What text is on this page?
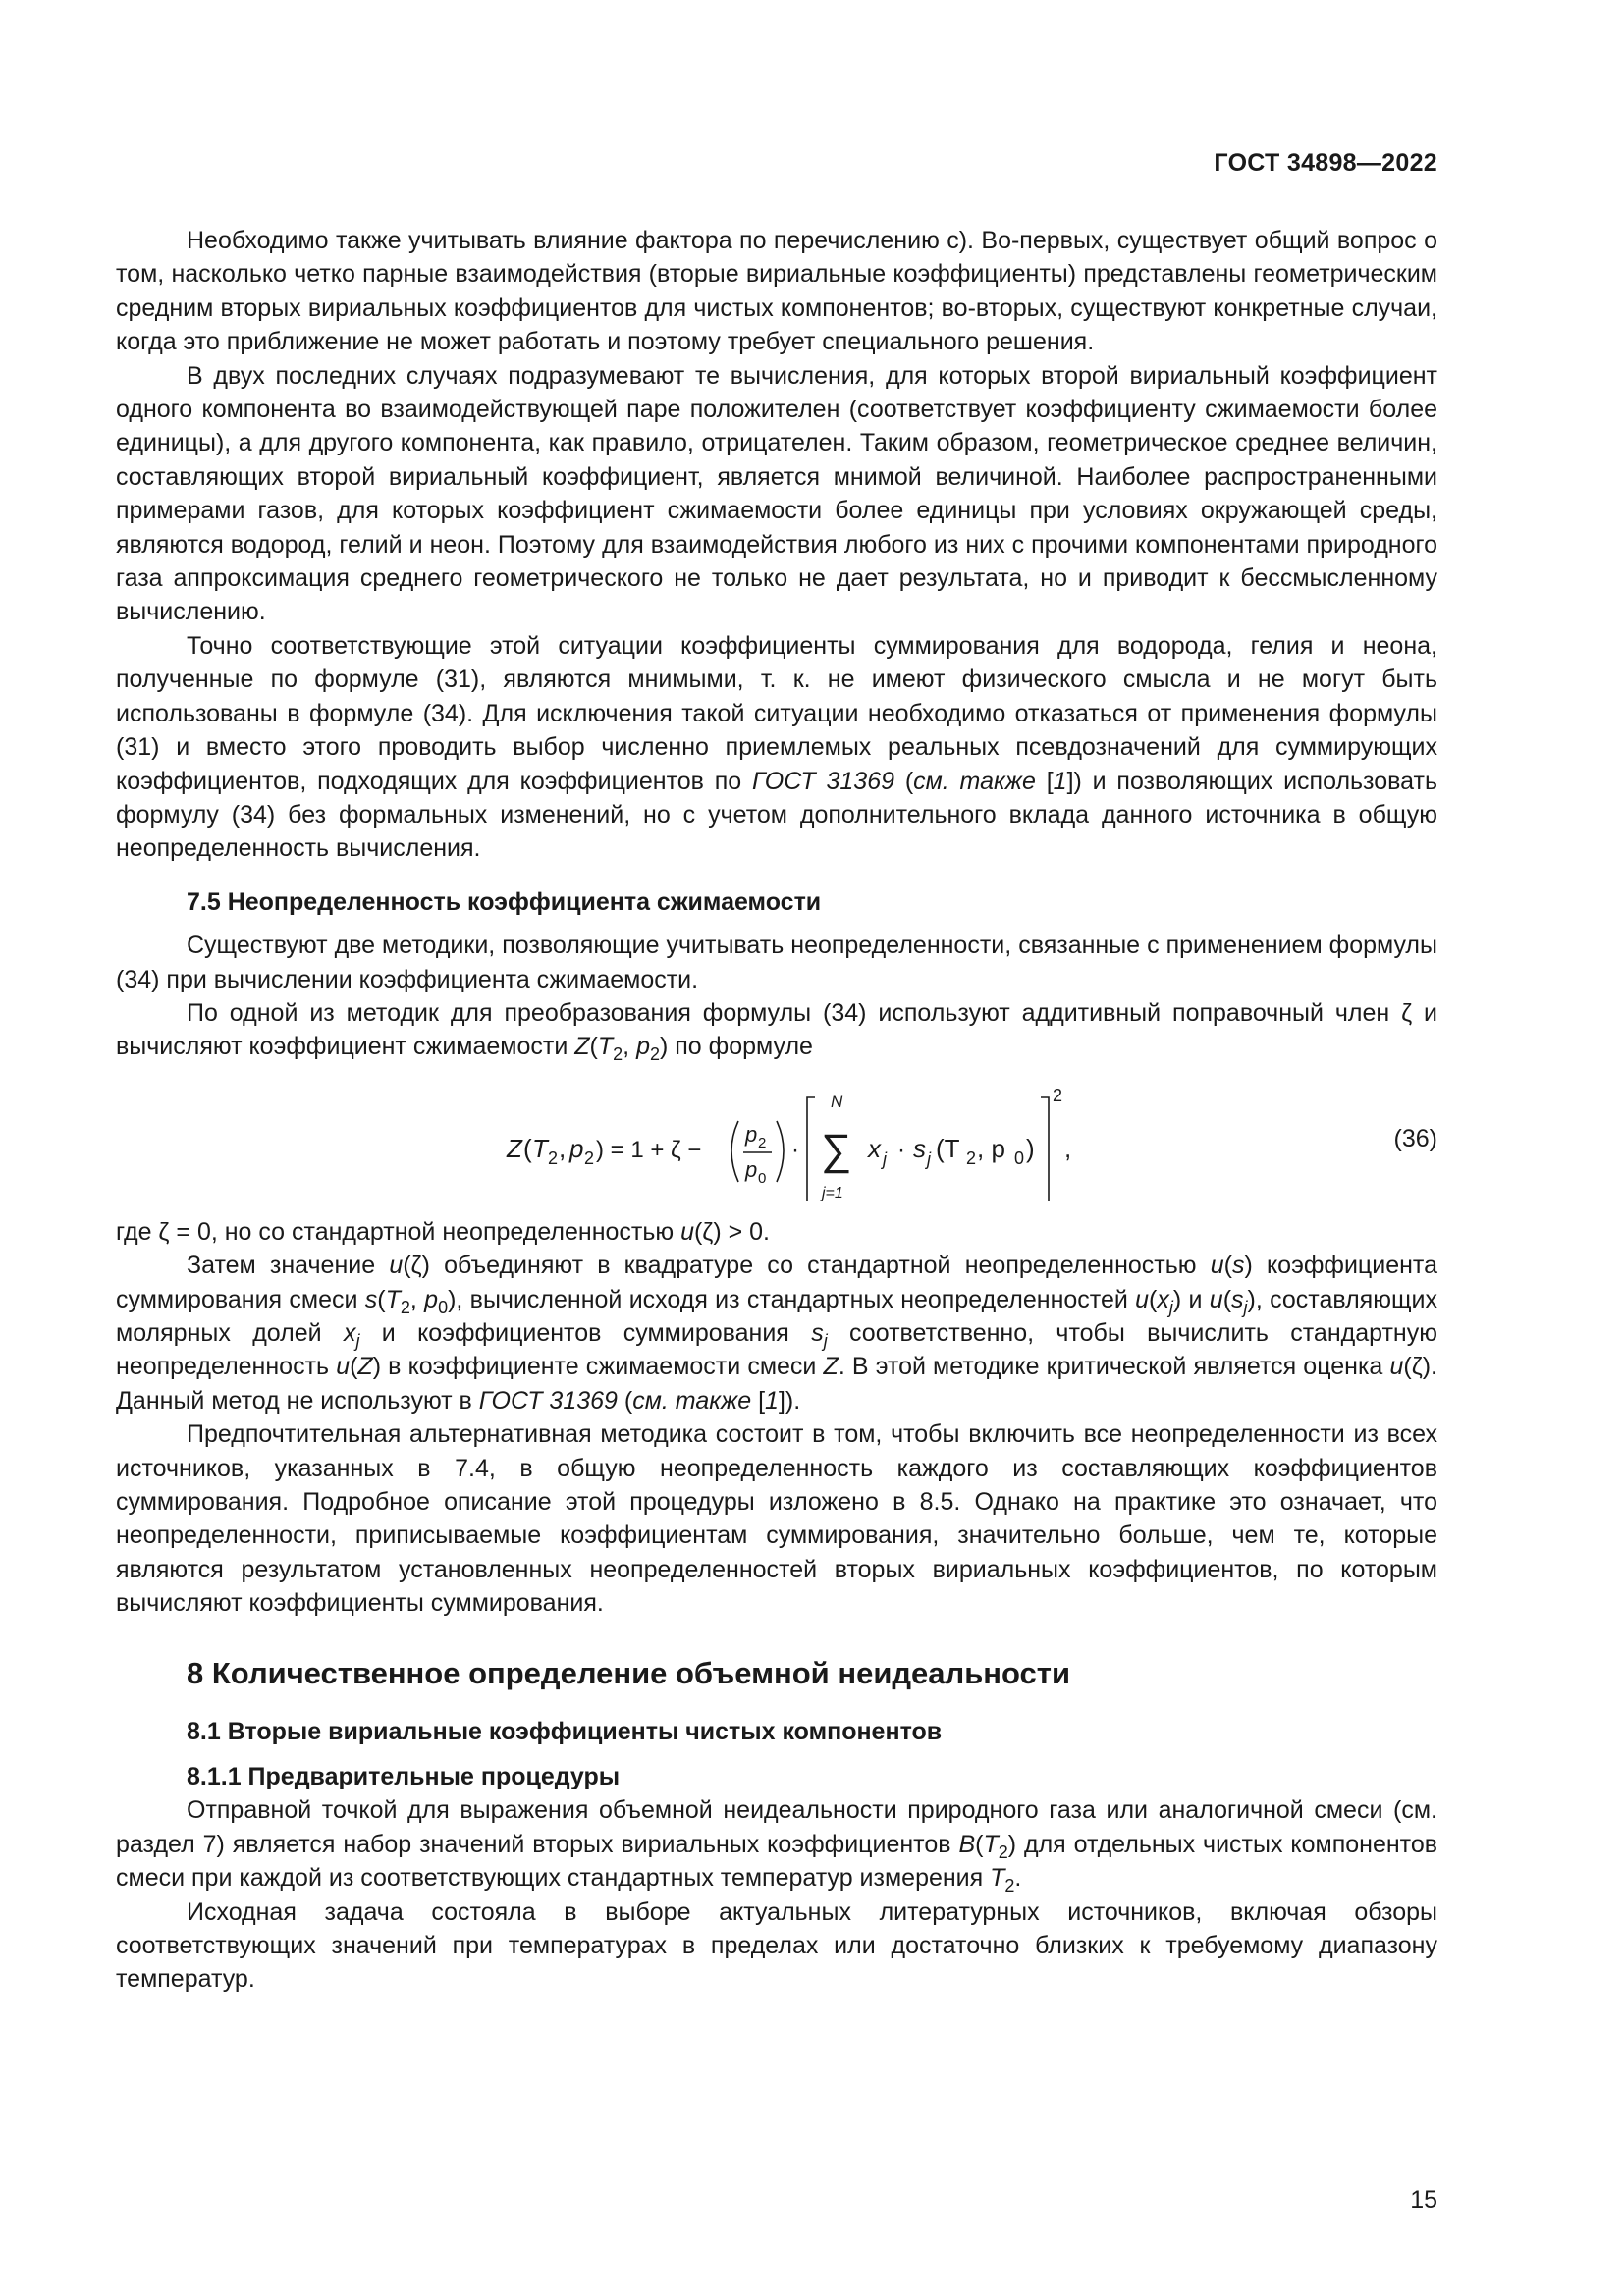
ГОСТ 34898—2022

Необходимо также учитывать влияние фактора по перечислению с). Во-первых, существует общий вопрос о том, насколько четко парные взаимодействия (вторые вириальные коэффициенты) представлены геометрическим средним вторых вириальных коэффициентов для чистых компонентов; во-вторых, существуют конкретные случаи, когда это приближение не может работать и поэтому требует специального решения.

В двух последних случаях подразумевают те вычисления, для которых второй вириальный коэффициент одного компонента во взаимодействующей паре положителен (соответствует коэффициенту сжимаемости более единицы), а для другого компонента, как правило, отрицателен. Таким образом, геометрическое среднее величин, составляющих второй вириальный коэффициент, является мнимой величиной. Наиболее распространенными примерами газов, для которых коэффициент сжимаемости более единицы при условиях окружающей среды, являются водород, гелий и неон. Поэтому для взаимодействия любого из них с прочими компонентами природного газа аппроксимация среднего геометрического не только не дает результата, но и приводит к бессмысленному вычислению.

Точно соответствующие этой ситуации коэффициенты суммирования для водорода, гелия и неона, полученные по формуле (31), являются мнимыми, т. к. не имеют физического смысла и не могут быть использованы в формуле (34). Для исключения такой ситуации необходимо отказаться от применения формулы (31) и вместо этого проводить выбор численно приемлемых реальных псевдозначений для суммирующих коэффициентов, подходящих для коэффициентов по ГОСТ 31369 (см. также [1]) и позволяющих использовать формулу (34) без формальных изменений, но с учетом дополнительного вклада данного источника в общую неопределенность вычисления.

7.5 Неопределенность коэффициента сжимаемости

Существуют две методики, позволяющие учитывать неопределенности, связанные с применением формулы (34) при вычислении коэффициента сжимаемости.

По одной из методик для преобразования формулы (34) используют аддитивный поправочный член ζ и вычисляют коэффициент сжимаемости $Z(T_2$, $p_2$) по формуле

Z ( T 2 , p 2 ) = 1 + ζ −
p 2
p 0
·
N
∑
j=1
x j · s j (T 2 , p 0 )
2
,	(36)

где ζ = 0, но со стандартной неопределенностью u(ζ) > 0.

Затем значение u(ζ) объединяют в квадратуре со стандартной неопределенностью u(s) коэффициента суммирования смеси $s(T_2$, $p_0$), вычисленной исходя из стандартных неопределенностей $u(x_j)$ и $u(s_j)$, составляющих молярных долей $x_j$ и коэффициентов суммирования $s_j$ соответственно, чтобы вычислить стандартную неопределенность u(Z) в коэффициенте сжимаемости смеси Z. В этой методике критической является оценка u(ζ). Данный метод не используют в ГОСТ 31369 (см. также [1]).

Предпочтительная альтернативная методика состоит в том, чтобы включить все неопределенности из всех источников, указанных в 7.4, в общую неопределенность каждого из составляющих коэффициентов суммирования. Подробное описание этой процедуры изложено в 8.5. Однако на практике это означает, что неопределенности, приписываемые коэффициентам суммирования, значительно больше, чем те, которые являются результатом установленных неопределенностей вторых вириальных коэффициентов, по которым вычисляют коэффициенты суммирования.

8 Количественное определение объемной неидеальности
8.1 Вторые вириальные коэффициенты чистых компонентов
8.1.1 Предварительные процедуры

Отправной точкой для выражения объемной неидеальности природного газа или аналогичной смеси (см. раздел 7) является набор значений вторых вириальных коэффициентов $B(T_2)$ для отдельных чистых компонентов смеси при каждой из соответствующих стандартных температур измерения $T_2$.

Исходная задача состояла в выборе актуальных литературных источников, включая обзоры соответствующих значений при температурах в пределах или достаточно близких к требуемому диапазону температур.

15
